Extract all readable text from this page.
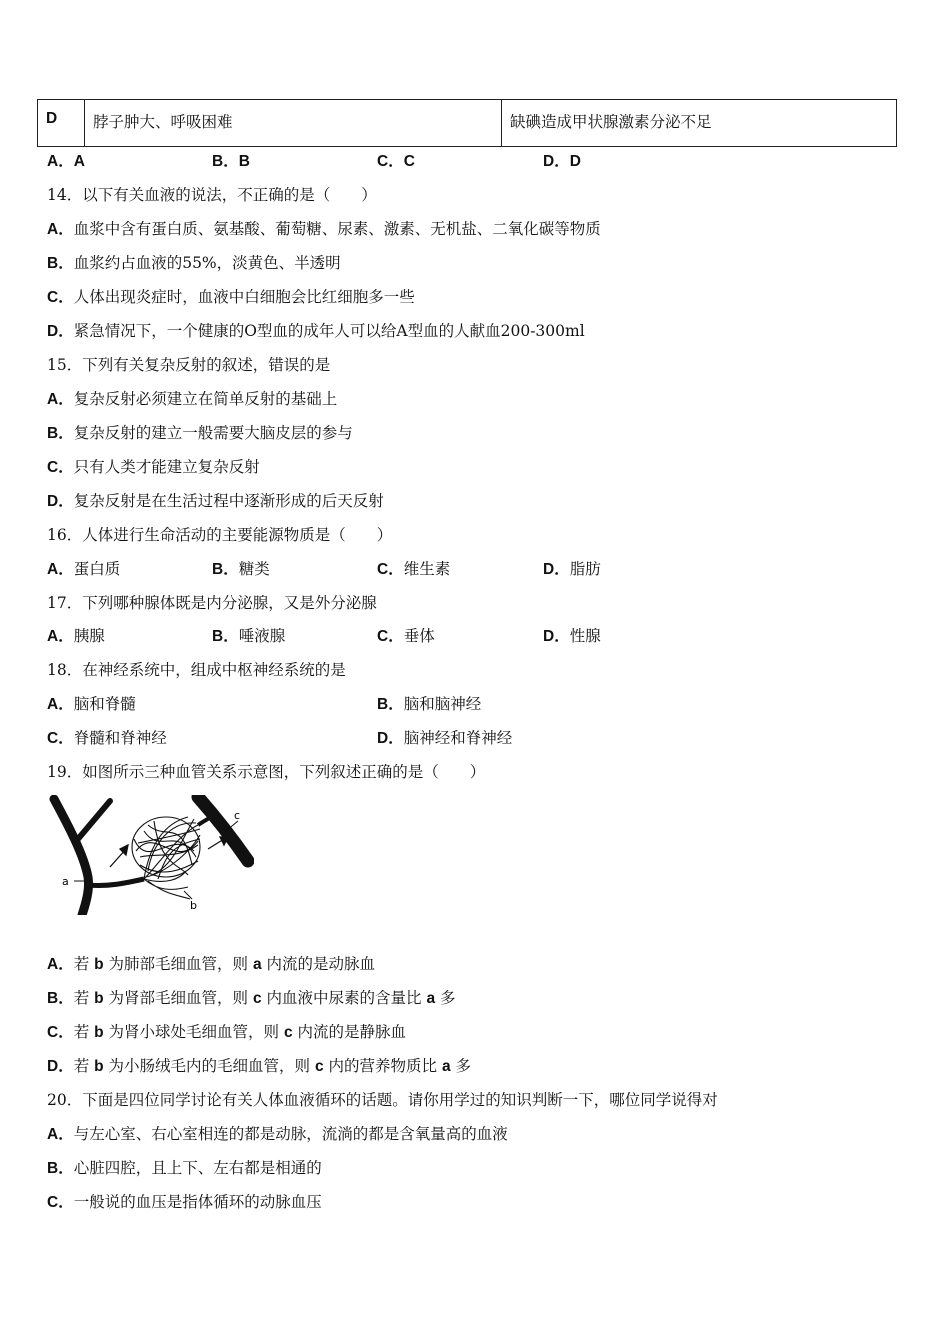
D	脖子肿大、呼吸困难	缺碘造成甲状腺激素分泌不足
A．A	B．B	C．C	D．D
14．以下有关血液的说法，不正确的是（　　）
A．血浆中含有蛋白质、氨基酸、葡萄糖、尿素、激素、无机盐、二氧化碳等物质
B．血浆约占血液的55%，淡黄色、半透明
C．人体出现炎症时，血液中白细胞会比红细胞多一些
D．紧急情况下，一个健康的O型血的成年人可以给A型血的人献血200-300ml
15．下列有关复杂反射的叙述，错误的是
A．复杂反射必须建立在简单反射的基础上
B．复杂反射的建立一般需要大脑皮层的参与
C．只有人类才能建立复杂反射
D．复杂反射是在生活过程中逐渐形成的后天反射
16．人体进行生命活动的主要能源物质是（　　）
A．蛋白质	B．糖类	C．维生素	D．脂肪
17．下列哪种腺体既是内分泌腺，又是外分泌腺
A．胰腺	B．唾液腺	C．垂体	D．性腺
18．在神经系统中，组成中枢神经系统的是
A．脑和脊髓	B．脑和脑神经
C．脊髓和脊神经	D．脑神经和脊神经
19．如图所示三种血管关系示意图，下列叙述正确的是（　　）
a
b
c
A．若 b 为肺部毛细血管，则 a 内流的是动脉血
B．若 b 为肾部毛细血管，则 c 内血液中尿素的含量比 a 多
C．若 b 为肾小球处毛细血管，则 c 内流的是静脉血
D．若 b 为小肠绒毛内的毛细血管，则 c 内的营养物质比 a 多
20．下面是四位同学讨论有关人体血液循环的话题。请你用学过的知识判断一下，哪位同学说得对
A．与左心室、右心室相连的都是动脉，流淌的都是含氧量高的血液
B．心脏四腔，且上下、左右都是相通的
C．一般说的血压是指体循环的动脉血压
